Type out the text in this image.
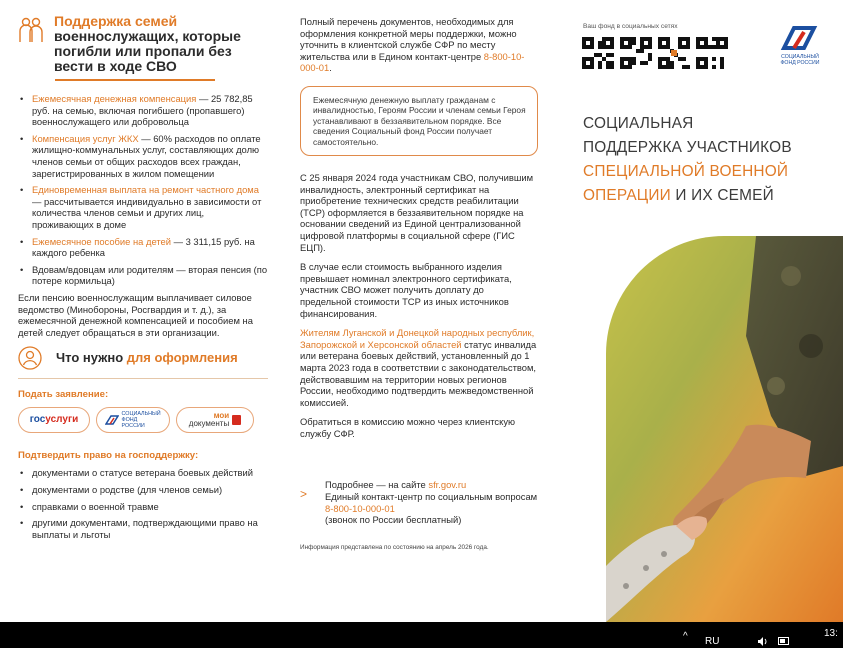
Поддержка семей
военнослужащих, которые погибли или пропали без вести в ходе СВО
• Ежемесячная денежная компенсация — 25 782,85 руб. на семью, включая погибшего (пропавшего) военнослужащего или добровольца
• Компенсация услуг ЖКХ — 60% расходов по оплате жилищно-коммунальных услуг, составляющих долю членов семьи от общих расходов всех граждан, зарегистрированных в жилом помещении
• Единовременная выплата на ремонт частного дома — рассчитывается индивидуально в зависимости от количества членов семьи и других лиц, проживающих в доме
• Ежемесячное пособие на детей — 3 311,15 руб. на каждого ребенка
• Вдовам/вдовцам или родителям — вторая пенсия (по потере кормильца)

Если пенсию военнослужащим выплачивает силовое ведомство (Минобороны, Росгвардия и т. д.), за ежемесячной денежной компенсацией и пособием на детей следует обращаться в эти организации.

Что нужно для оформления
Подать заявление:
гос услуги
СОЦИАЛЬНЫЙ ФОНД РОССИИ
мои
документы
Подтвердить право на господдержку:
• документами о статусе ветерана боевых действий
• документами о родстве (для членов семьи)
• справками о военной травме
• другими документами, подтверждающими право на выплаты и льготы

Полный перечень документов, необходимых для оформления конкретной меры поддержки, можно уточнить в клиентской службе СФР по месту жительства или в Едином контакт-центре 8-800-10-000-01.

Ежемесячную денежную выплату гражданам с инвалидностью, Героям России и членам семьи Героя устанавливают в беззаявительном порядке. Все сведения Социальный фонд России получает самостоятельно.

С 25 января 2024 года участникам СВО, получившим инвалидность, электронный сертификат на приобретение технических средств реабилитации (ТСР) оформляется в беззаявительном порядке на основании сведений из Единой централизованной цифровой платформы в социальной сфере (ГИС ЕЦП).

В случае если стоимость выбранного изделия превышает номинал электронного сертификата, участник СВО может получить доплату до предельной стоимости ТСР из иных источников финансирования.

Жителям Луганской и Донецкой народных республик, Запорожской и Херсонской областей статус инвалида или ветерана боевых действий, установленный до 1 марта 2023 года в соответствии с законодательством, действовавшим на территории новых регионов России, необходимо подтвердить межведомственной комиссией.

Обратиться в комиссию можно через клиентскую службу СФР.

>
Подробнее — на сайте sfr.gov.ru
Единый контакт-центр по социальным вопросам 8-800-10-000-01
(звонок по России бесплатный)
Информация представлена по состоянию на апрель 2026 года.
Ваш фонд в социальных сетях
СОЦИАЛЬНЫЙ ФОНД РОССИИ
СОЦИАЛЬНАЯ
ПОДДЕРЖКА УЧАСТНИКОВ
СПЕЦИАЛЬНОЙ ВОЕННОЙ
ОПЕРАЦИИ И ИХ СЕМЕЙ
^ RU
13:
